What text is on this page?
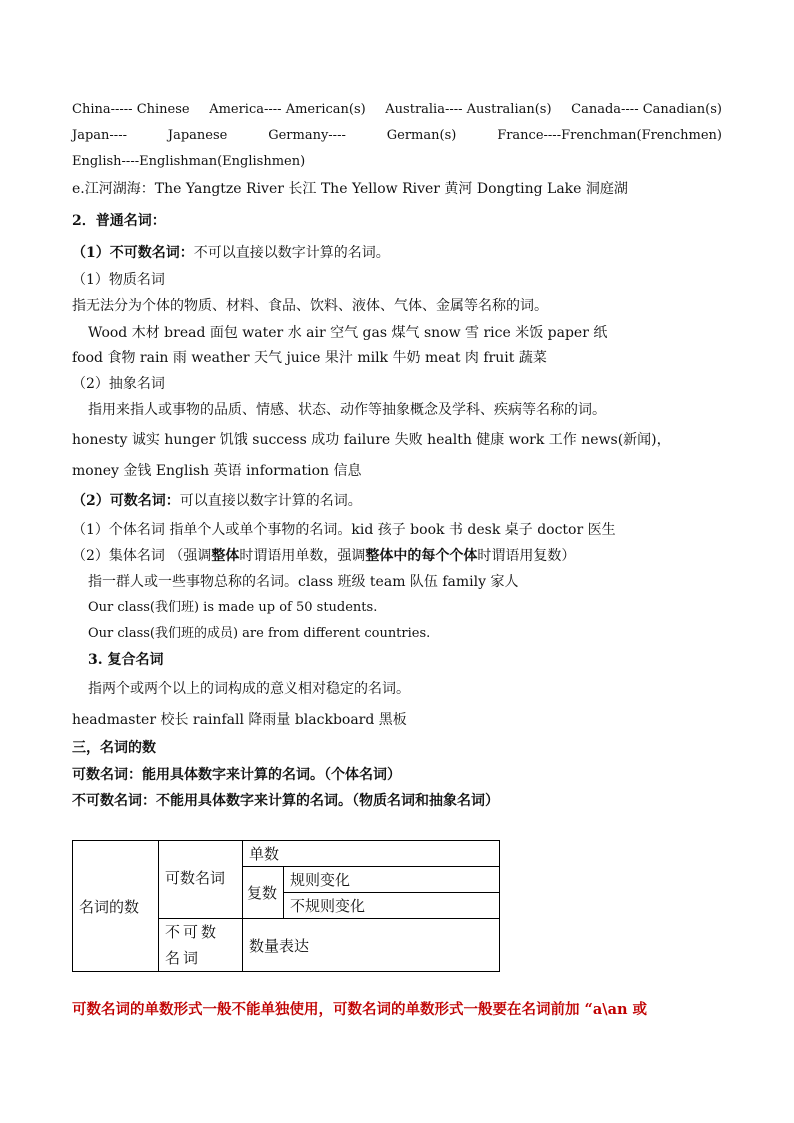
China----- Chinese America---- American(s) Australia---- Australian(s) Canada---- Canadian(s)
Japan----	Japanese	Germany----	German(s)	France----Frenchman(Frenchmen)
English----Englishman(Englishmen)
e.江河湖海：The Yangtze River 长江 The Yellow River 黄河 Dongting Lake 洞庭湖
2．普通名词：
（1）不可数名词：不可以直接以数字计算的名词。
（1）物质名词
指无法分为个体的物质、材料、食品、饮料、液体、气体、金属等名称的词。
Wood 木材 bread 面包 water 水 air 空气 gas 煤气 snow 雪 rice 米饭 paper 纸
food 食物 rain 雨 weather 天气 juice 果汁 milk 牛奶 meat 肉 fruit 蔬菜
（2）抽象名词
指用来指人或事物的品质、情感、状态、动作等抽象概念及学科、疾病等名称的词。
honesty 诚实 hunger 饥饿 success 成功 failure 失败 health 健康 work 工作 news(新闻)，
money 金钱 English 英语 information 信息
（2）可数名词：可以直接以数字计算的名词。
（1）个体名词 指单个人或单个事物的名词。kid 孩子 book 书 desk 桌子 doctor 医生
（2）集体名词 （强调整体时谓语用单数，强调整体中的每个个体时谓语用复数）
指一群人或一些事物总称的名词。class 班级 team 队伍 family 家人
Our class(我们班) is made up of 50 students.
Our class(我们班的成员) are from different countries.
3. 复合名词
指两个或两个以上的词构成的意义相对稳定的名词。
headmaster 校长 rainfall 降雨量 blackboard 黑板
三，名词的数
可数名词：能用具体数字来计算的名词。（个体名词）
不可数名词：不能用具体数字来计算的名词。（物质名词和抽象名词）
名词的数	可数名词	单数	
		复数	规则变化
			不规则变化
	不可数名词	数量表达	
可数名词的单数形式一般不能单独使用，可数名词的单数形式一般要在名词前加 “a\an 或
